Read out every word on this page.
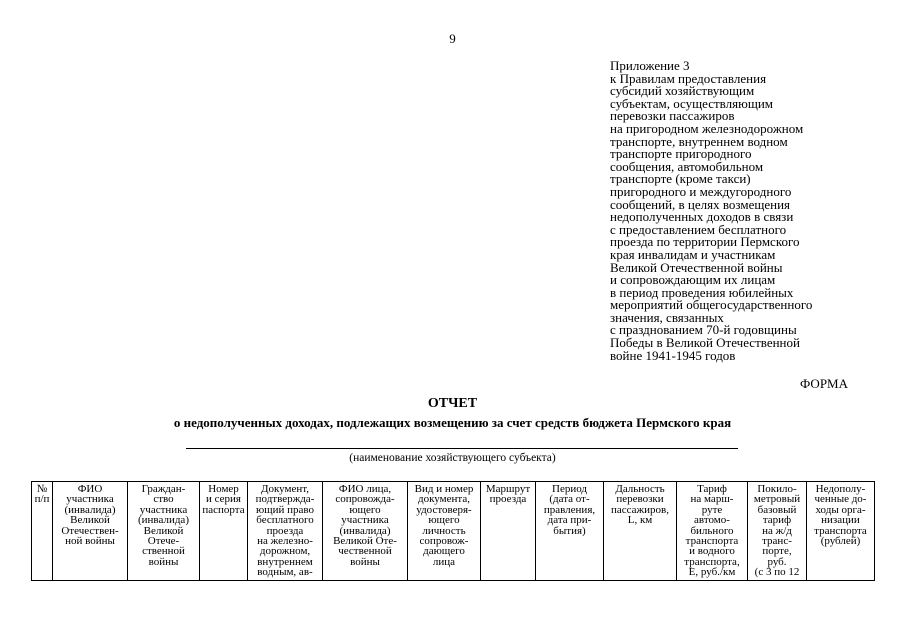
9
Приложение 3
к Правилам предоставления
субсидий хозяйствующим
субъектам, осуществляющим
перевозки пассажиров
на пригородном железнодорожном
транспорте, внутреннем водном
транспорте пригородного
сообщения, автомобильном
транспорте (кроме такси)
пригородного и междугородного
сообщений, в целях возмещения
недополученных доходов в связи
с предоставлением бесплатного
проезда по территории Пермского
края инвалидам и участникам
Великой Отечественной войны
и сопровождающим их лицам
в период проведения юбилейных
мероприятий общегосударственного
значения, связанных
с празднованием 70-й годовщины
Победы в Великой Отечественной
войне 1941-1945 годов
ФОРМА
ОТЧЕТ
о недополученных доходах, подлежащих возмещению за счет средств бюджета Пермского края
(наименование хозяйствующего субъекта)
№
п/п	ФИО
участника
(инвалида)
Великой
Отечествен-
ной войны	Граждан-
ство
участника
(инвалида)
Великой
Отече-
ственной
войны	Номер
и серия
паспорта	Документ,
подтвержда-
ющий право
бесплатного
проезда
на железно-
дорожном,
внутреннем
водным, ав-	ФИО лица,
сопровожда-
ющего
участника
(инвалида)
Великой Оте-
чественной
войны	Вид и номер
документа,
удостоверя-
ющего
личность
сопровож-
дающего
лица	Маршрут
проезда	Период
(дата от-
правления,
дата при-
бытия)	Дальность
перевозки
пассажиров,
L, км	Тариф
на марш-
руте
автомо-
бильного
транспорта
и водного
транспорта,
E, руб./км	Покило-
метровый
базовый
тариф
на ж/д
транс-
порте,
руб.
(с 3 по 12	Недополу-
ченные до-
ходы орга-
низации
транспорта
(рублей)
